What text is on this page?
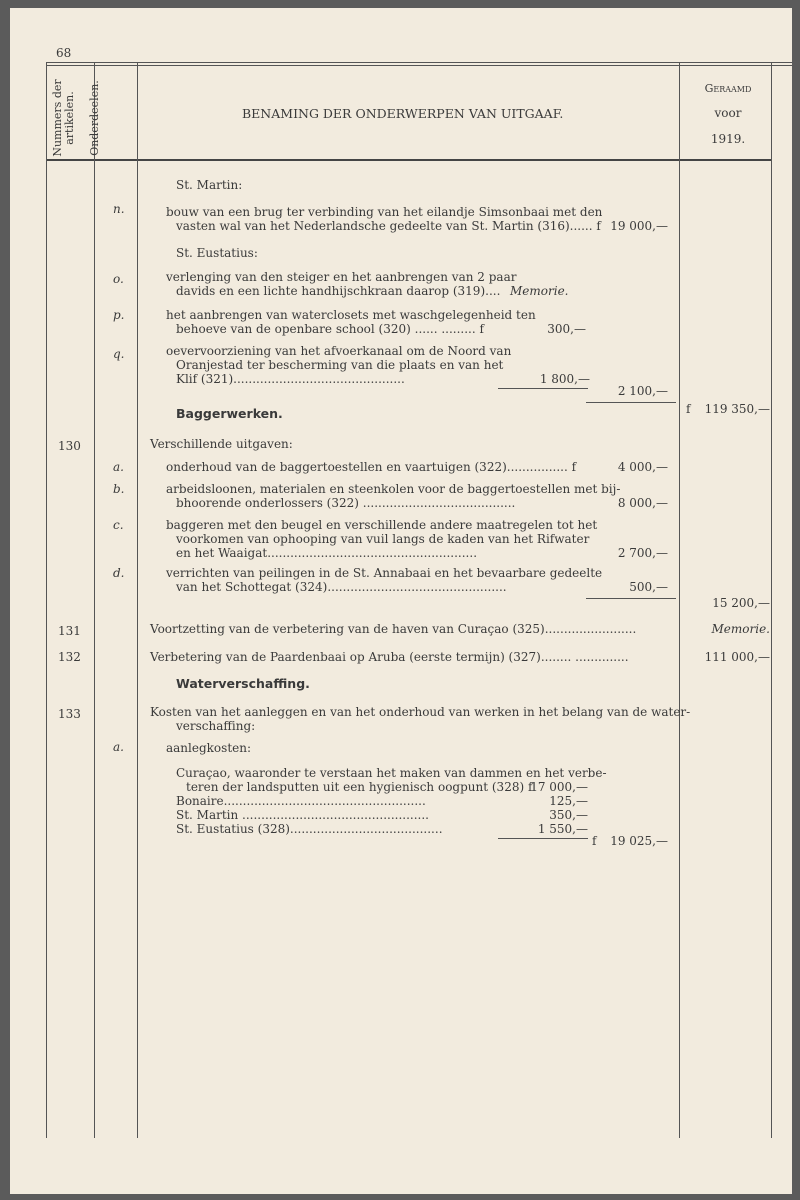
68
Nummers der artikelen.	Onderdeelen.	BENAMING DER ONDERWERPEN VAN UITGAAF.
Geraamd
voor
1919.
St. Martin:
n.	bouw van een brug ter verbinding van het eilandje Simsonbaai met den
vasten wal van het Nederlandsche gedeelte van St. Martin (316)...... f 19 000,—
St. Eustatius:
o.	verlenging van den steiger en het aanbrengen van 2 paar
davids en een lichte handhijschkraan daarop (319).... Memorie.
p.	het aanbrengen van waterclosets met waschgelegenheid ten
behoeve van de openbare school (320) ...... ......... f	300,—
q.	oevervoorziening van het afvoerkanaal om de Noord van
Oranjestad ter bescherming van die plaats en van het
Klif (321).............................................	1 800,—
2 100,—
f	119 350,—
Baggerwerken.
130	Verschillende uitgaven:
a.	onderhoud van de baggertoestellen en vaartuigen (322)................ f	4 000,—
b.	arbeidsloonen, materialen en steenkolen voor de baggertoestellen met bij-
bhoorende onderlossers (322) ........................................	8 000,—
c.	baggeren met den beugel en verschillende andere maatregelen tot het
voorkomen van ophooping van vuil langs de kaden van het Rifwater
en het Waaigat.......................................................	2 700,—
d.	verrichten van peilingen in de St. Annabaai en het bevaarbare gedeelte
van het Schottegat (324)...............................................	500,—
15 200,—
131	Voortzetting van de verbetering van de haven van Curaçao (325)........................	Memorie.
132	Verbetering van de Paardenbaai op Aruba (eerste termijn) (327)........ ..............	111 000,—
Waterverschaffing.
133	Kosten van het aanleggen en van het onderhoud van werken in het belang van de water-
verschaffing:
a.	aanlegkosten:
Curaçao, waaronder te verstaan het maken van dammen en het verbe-
teren der landsputten uit een hygienisch oogpunt (328) f
17 000,—
Bonaire.....................................................	125,—
St. Martin .................................................	350,—
St. Eustatius (328)........................................	1 550,—
f	19 025,—
